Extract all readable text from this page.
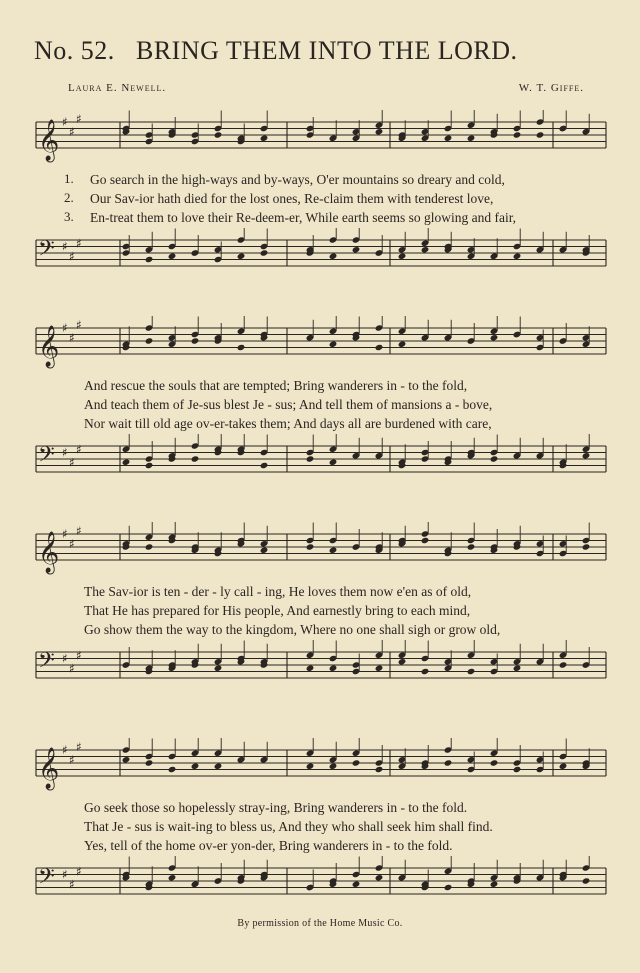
No. 52. BRING THEM INTO THE LORD.
Laura E. Newell.	W. T. Giffe.
𝄞 ♯
♯
♯
1. Go search in the high-ways and by-ways, O'er mountains so dreary and cold,
2. Our Sav-ior hath died for the lost ones, Re-claim them with tenderest love,
3. En-treat them to love their Re-deem-er, While earth seems so glowing and fair,
𝄢 ♯
♯
♯
𝄞 ♯
♯
♯
And rescue the souls that are tempted; Bring wanderers in - to the fold,
And teach them of Je-sus blest Je - sus; And tell them of mansions a - bove,
Nor wait till old age ov-er-takes them; And days all are burdened with care,
𝄢 ♯
♯
♯
𝄞 ♯
♯
♯
The Sav-ior is ten - der - ly call - ing, He loves them now e'en as of old,
That He has prepared for His people, And earnestly bring to each mind,
Go show them the way to the kingdom, Where no one shall sigh or grow old,
𝄢 ♯
♯
♯
𝄞 ♯
♯
♯
Go seek those so hopelessly stray-ing, Bring wanderers in - to the fold.
That Je - sus is wait-ing to bless us, And they who shall seek him shall find.
Yes, tell of the home ov-er yon-der, Bring wanderers in - to the fold.
𝄢 ♯
♯
♯
By permission of the Home Music Co.
